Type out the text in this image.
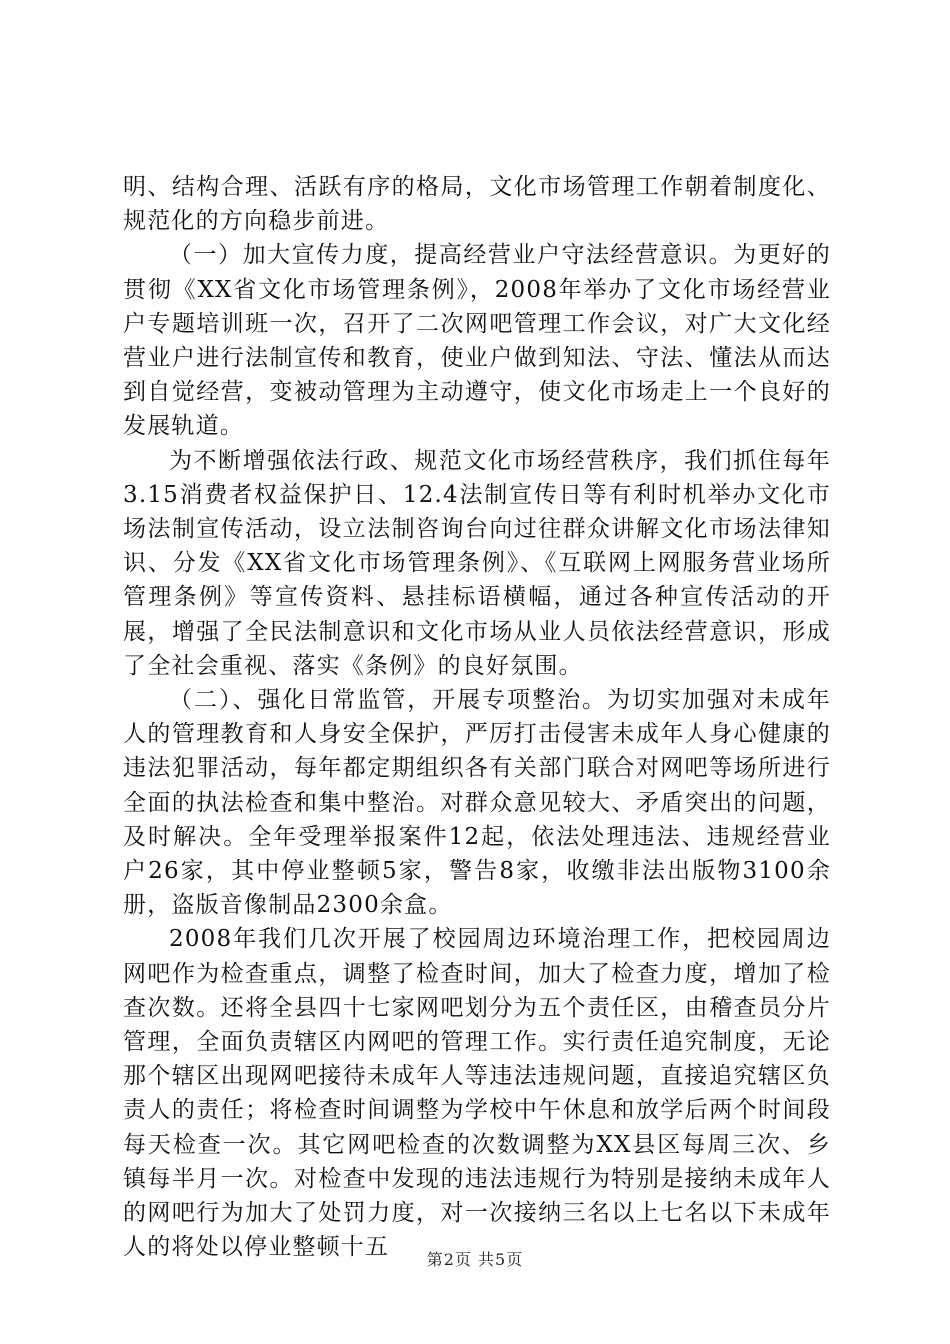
明、结构合理、活跃有序的格局，文化市场管理工作朝着制度化、规范化的方向稳步前进。

（一）加大宣传力度，提高经营业户守法经营意识。为更好的贯彻《XX省文化市场管理条例》，2008年举办了文化市场经营业户专题培训班一次，召开了二次网吧管理工作会议，对广大文化经营业户进行法制宣传和教育，使业户做到知法、守法、懂法从而达到自觉经营，变被动管理为主动遵守，使文化市场走上一个良好的发展轨道。

为不断增强依法行政、规范文化市场经营秩序，我们抓住每年3.15消费者权益保护日、12.4法制宣传日等有利时机举办文化市场法制宣传活动，设立法制咨询台向过往群众讲解文化市场法律知识、分发《XX省文化市场管理条例》、《互联网上网服务营业场所管理条例》等宣传资料、悬挂标语横幅，通过各种宣传活动的开展，增强了全民法制意识和文化市场从业人员依法经营意识，形成了全社会重视、落实《条例》的良好氛围。

（二）、强化日常监管，开展专项整治。为切实加强对未成年人的管理教育和人身安全保护，严厉打击侵害未成年人身心健康的违法犯罪活动，每年都定期组织各有关部门联合对网吧等场所进行全面的执法检查和集中整治。对群众意见较大、矛盾突出的问题，及时解决。全年受理举报案件12起，依法处理违法、违规经营业户26家，其中停业整顿5家，警告8家，收缴非法出版物3100余册，盗版音像制品2300余盒。

2008年我们几次开展了校园周边环境治理工作，把校园周边网吧作为检查重点，调整了检查时间，加大了检查力度，增加了检查次数。还将全县四十七家网吧划分为五个责任区，由稽查员分片管理，全面负责辖区内网吧的管理工作。实行责任追究制度，无论那个辖区出现网吧接待未成年人等违法违规问题，直接追究辖区负责人的责任；将检查时间调整为学校中午休息和放学后两个时间段每天检查一次。其它网吧检查的次数调整为XX县区每周三次、乡镇每半月一次。对检查中发现的违法违规行为特别是接纳未成年人的网吧行为加大了处罚力度，对一次接纳三名以上七名以下未成年人的将处以停业整顿十五	第2页 共5页
